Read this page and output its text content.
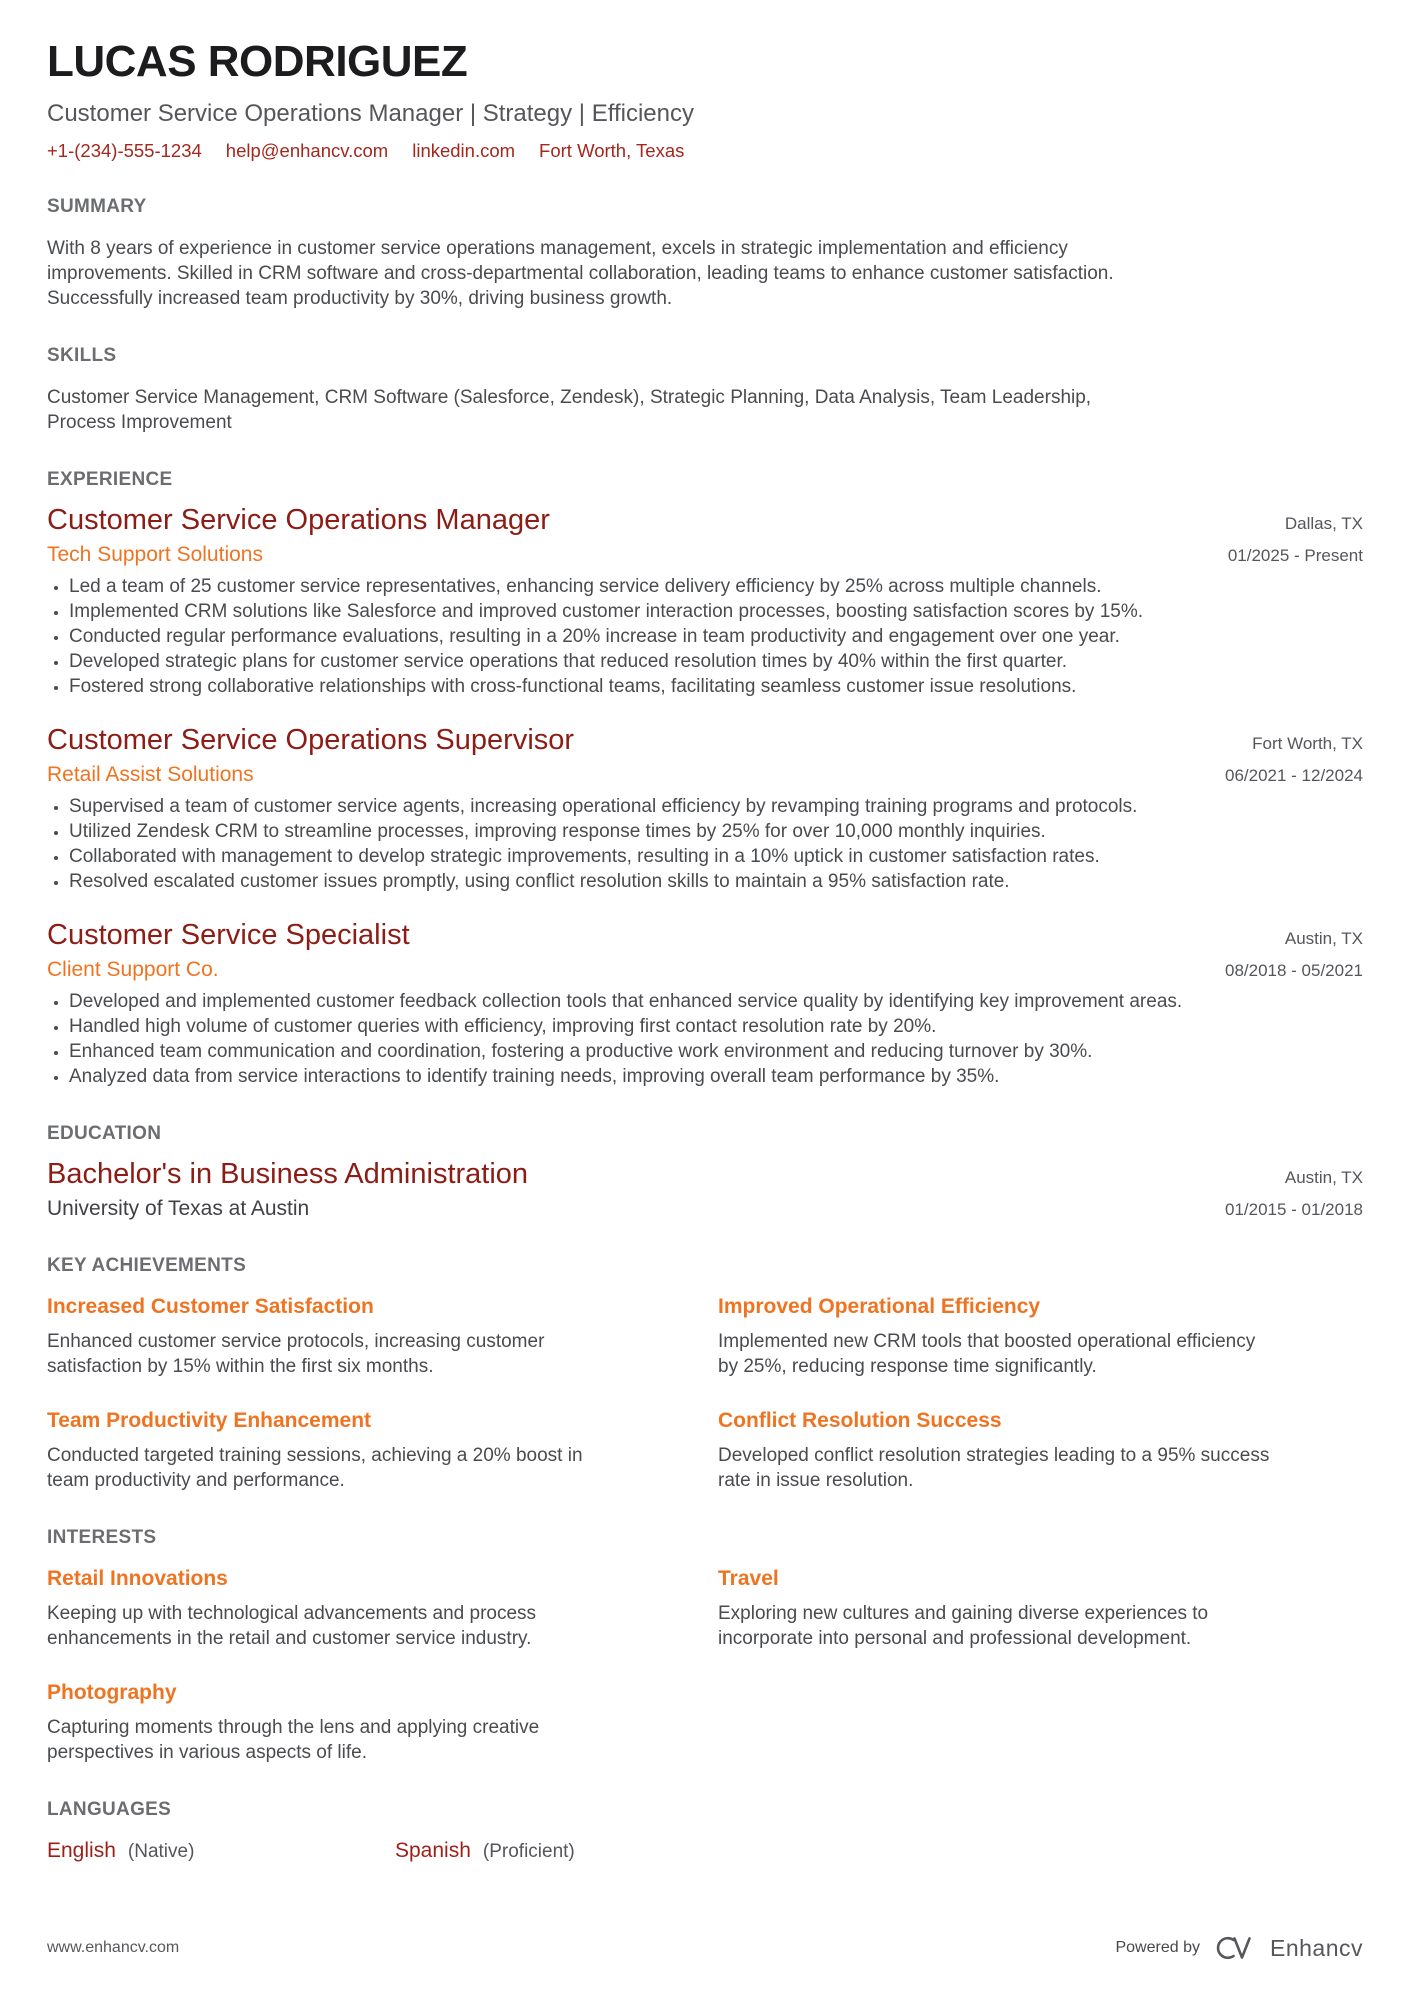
LUCAS RODRIGUEZ
Customer Service Operations Manager | Strategy | Efficiency
+1-(234)-555-1234 help@enhancv.com linkedin.com Fort Worth, Texas
SUMMARY

With 8 years of experience in customer service operations management, excels in strategic implementation and efficiency improvements. Skilled in CRM software and cross-departmental collaboration, leading teams to enhance customer satisfaction. Successfully increased team productivity by 30%, driving business growth.

SKILLS

Customer Service Management, CRM Software (Salesforce, Zendesk), Strategic Planning, Data Analysis, Team Leadership, Process Improvement

EXPERIENCE
Customer Service Operations Manager	Dallas, TX
Tech Support Solutions	01/2025 - Present
• Led a team of 25 customer service representatives, enhancing service delivery efficiency by 25% across multiple channels.
• Implemented CRM solutions like Salesforce and improved customer interaction processes, boosting satisfaction scores by 15%.
• Conducted regular performance evaluations, resulting in a 20% increase in team productivity and engagement over one year.
• Developed strategic plans for customer service operations that reduced resolution times by 40% within the first quarter.
• Fostered strong collaborative relationships with cross-functional teams, facilitating seamless customer issue resolutions.
Customer Service Operations Supervisor	Fort Worth, TX
Retail Assist Solutions	06/2021 - 12/2024
• Supervised a team of customer service agents, increasing operational efficiency by revamping training programs and protocols.
• Utilized Zendesk CRM to streamline processes, improving response times by 25% for over 10,000 monthly inquiries.
• Collaborated with management to develop strategic improvements, resulting in a 10% uptick in customer satisfaction rates.
• Resolved escalated customer issues promptly, using conflict resolution skills to maintain a 95% satisfaction rate.
Customer Service Specialist	Austin, TX
Client Support Co.	08/2018 - 05/2021
• Developed and implemented customer feedback collection tools that enhanced service quality by identifying key improvement areas.
• Handled high volume of customer queries with efficiency, improving first contact resolution rate by 20%.
• Enhanced team communication and coordination, fostering a productive work environment and reducing turnover by 30%.
• Analyzed data from service interactions to identify training needs, improving overall team performance by 35%.
EDUCATION
Bachelor's in Business Administration	Austin, TX
University of Texas at Austin	01/2015 - 01/2018
KEY ACHIEVEMENTS
Increased Customer Satisfaction

Enhanced customer service protocols, increasing customer satisfaction by 15% within the first six months.

Improved Operational Efficiency

Implemented new CRM tools that boosted operational efficiency by 25%, reducing response time significantly.

Team Productivity Enhancement

Conducted targeted training sessions, achieving a 20% boost in team productivity and performance.

Conflict Resolution Success

Developed conflict resolution strategies leading to a 95% success rate in issue resolution.

INTERESTS
Retail Innovations

Keeping up with technological advancements and process enhancements in the retail and customer service industry.

Travel

Exploring new cultures and gaining diverse experiences to incorporate into personal and professional development.

Photography

Capturing moments through the lens and applying creative perspectives in various aspects of life.

LANGUAGES
English (Native)	Spanish (Proficient)
www.enhancv.com	Powered by	Enhancv
